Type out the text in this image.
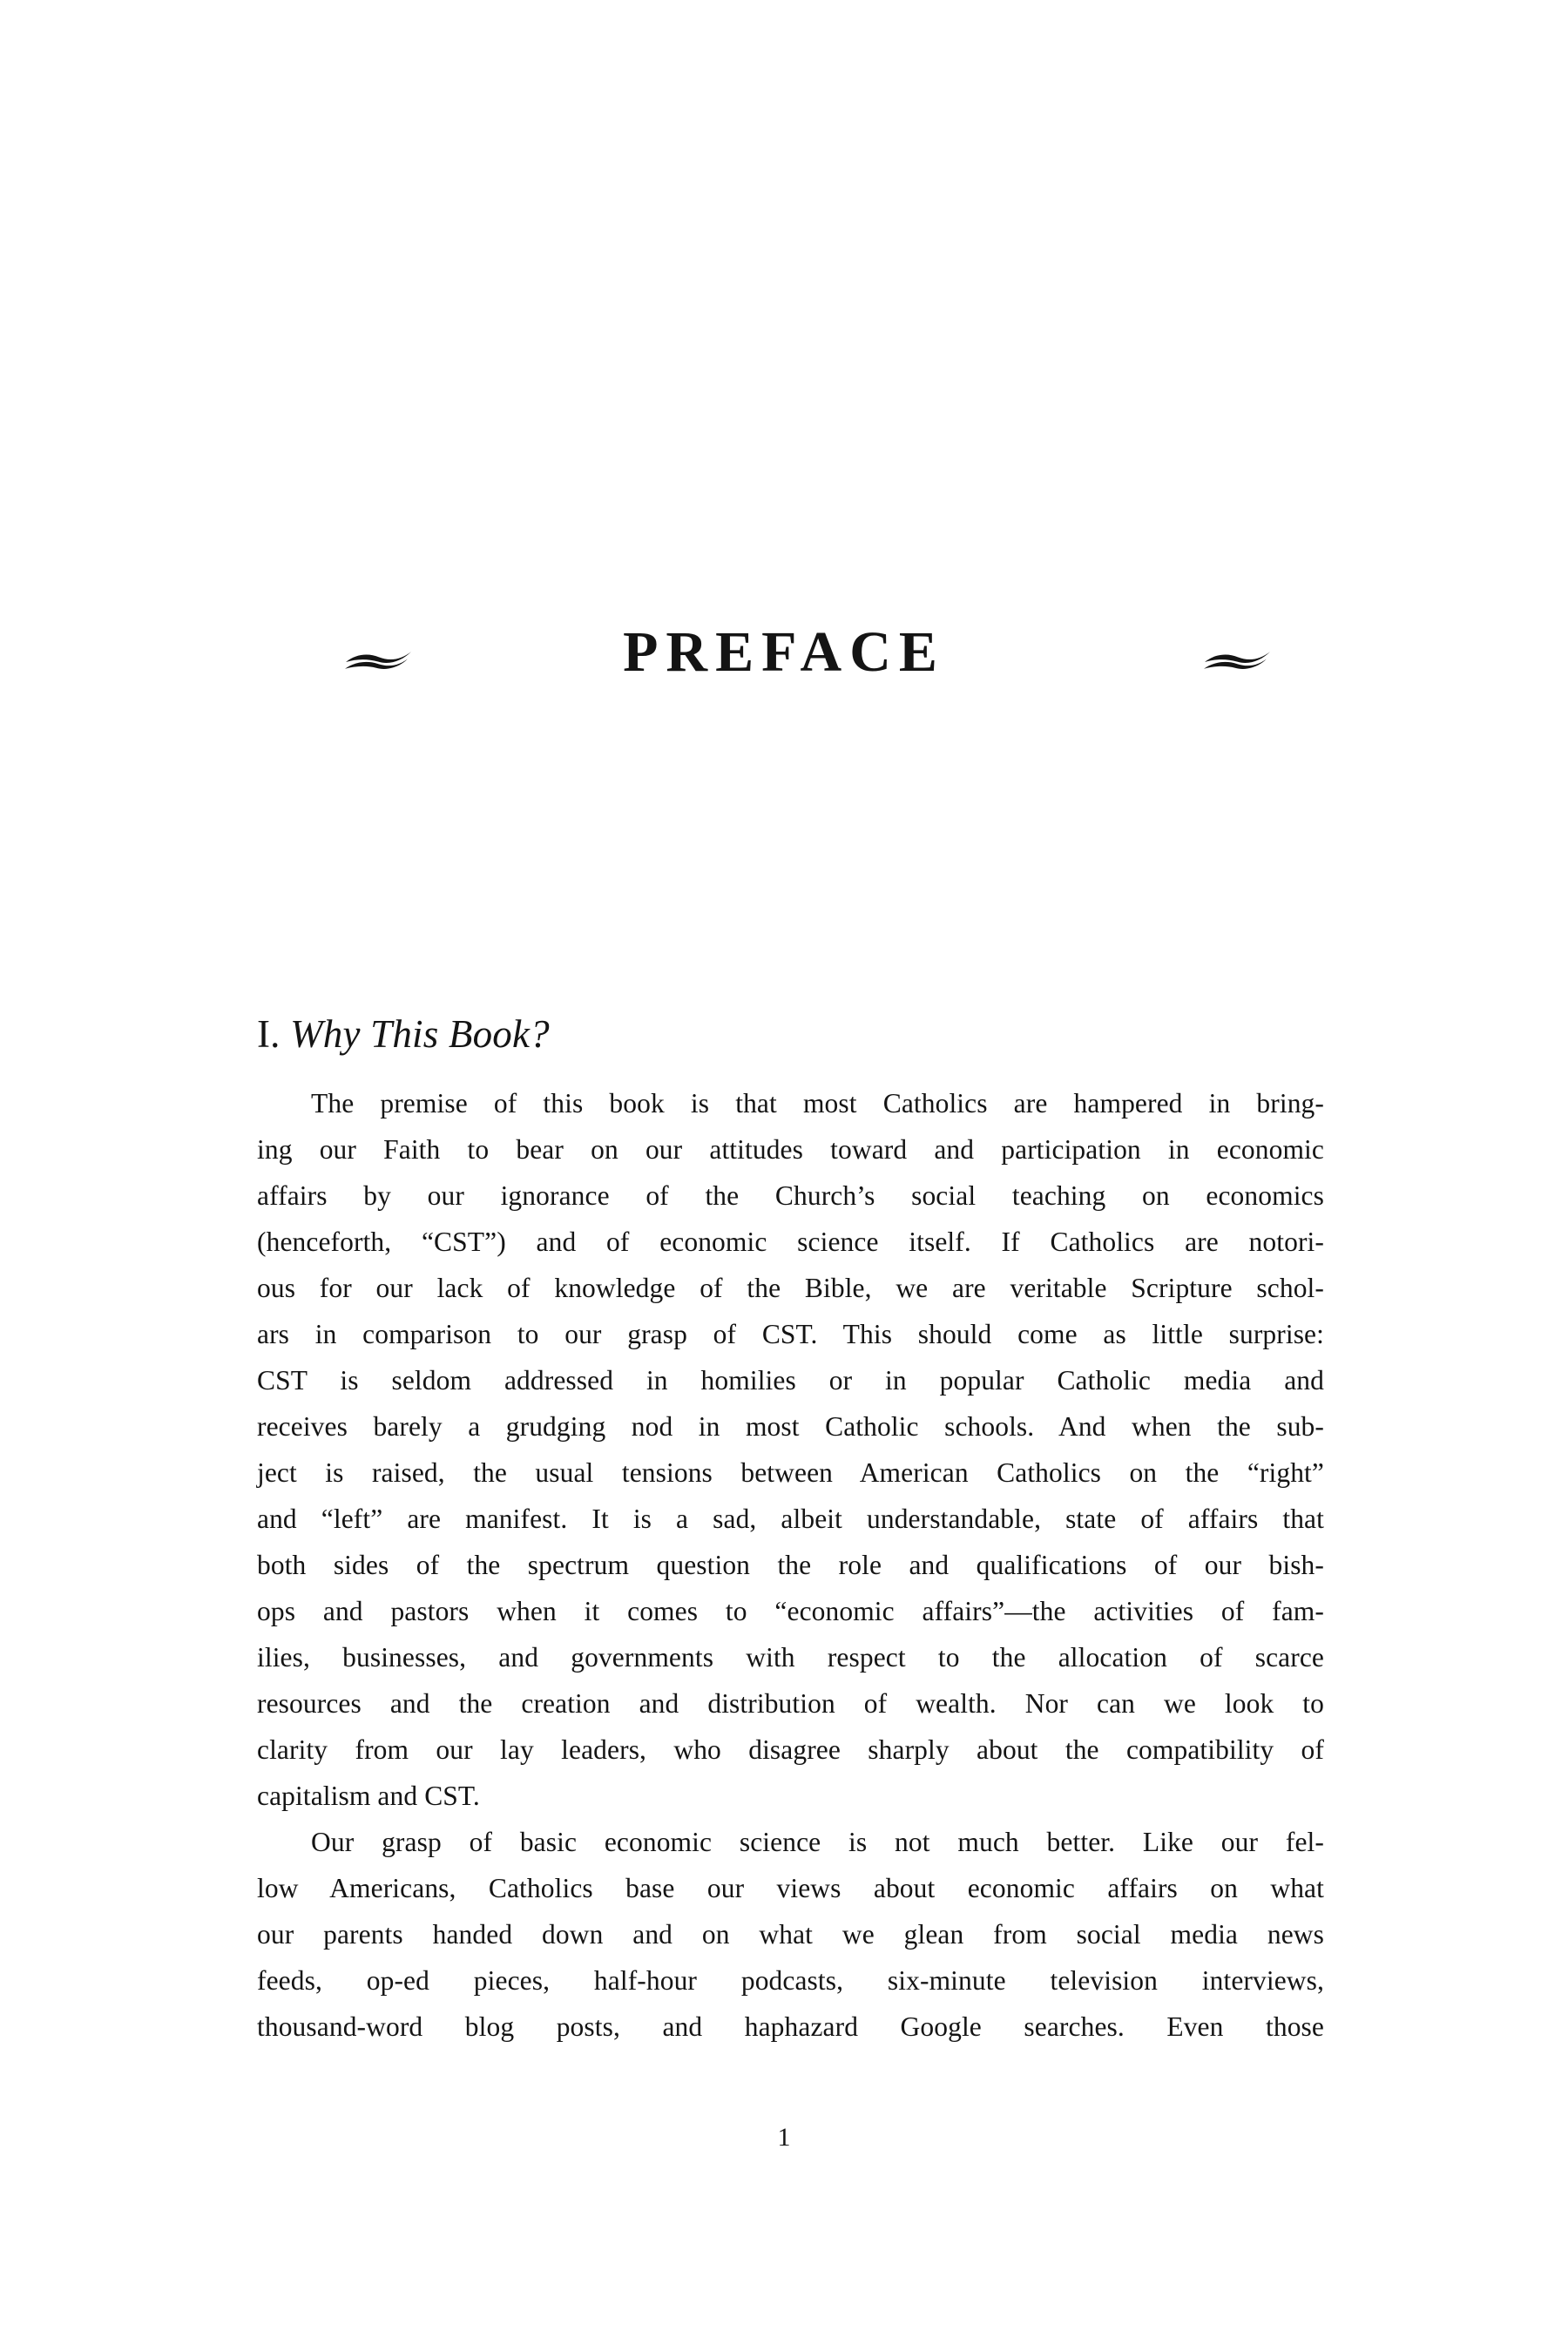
PREFACE
I. Why This Book?
The premise of this book is that most Catholics are hampered in bring-
ing our Faith to bear on our attitudes toward and participation in economic
affairs by our ignorance of the Church’s social teaching on economics
(henceforth, “CST”) and of economic science itself. If Catholics are notori-
ous for our lack of knowledge of the Bible, we are veritable Scripture schol-
ars in comparison to our grasp of CST. This should come as little surprise:
CST is seldom addressed in homilies or in popular Catholic media and
receives barely a grudging nod in most Catholic schools. And when the sub-
ject is raised, the usual tensions between American Catholics on the “right”
and “left” are manifest. It is a sad, albeit understandable, state of affairs that
both sides of the spectrum question the role and qualifications of our bish-
ops and pastors when it comes to “economic affairs”—the activities of fam-
ilies, businesses, and governments with respect to the allocation of scarce
resources and the creation and distribution of wealth. Nor can we look to
clarity from our lay leaders, who disagree sharply about the compatibility of
capitalism and CST.
Our grasp of basic economic science is not much better. Like our fel-
low Americans, Catholics base our views about economic affairs on what
our parents handed down and on what we glean from social media news
feeds, op-ed pieces, half-hour podcasts, six-minute television interviews,
thousand-word blog posts, and haphazard Google searches. Even those
1
